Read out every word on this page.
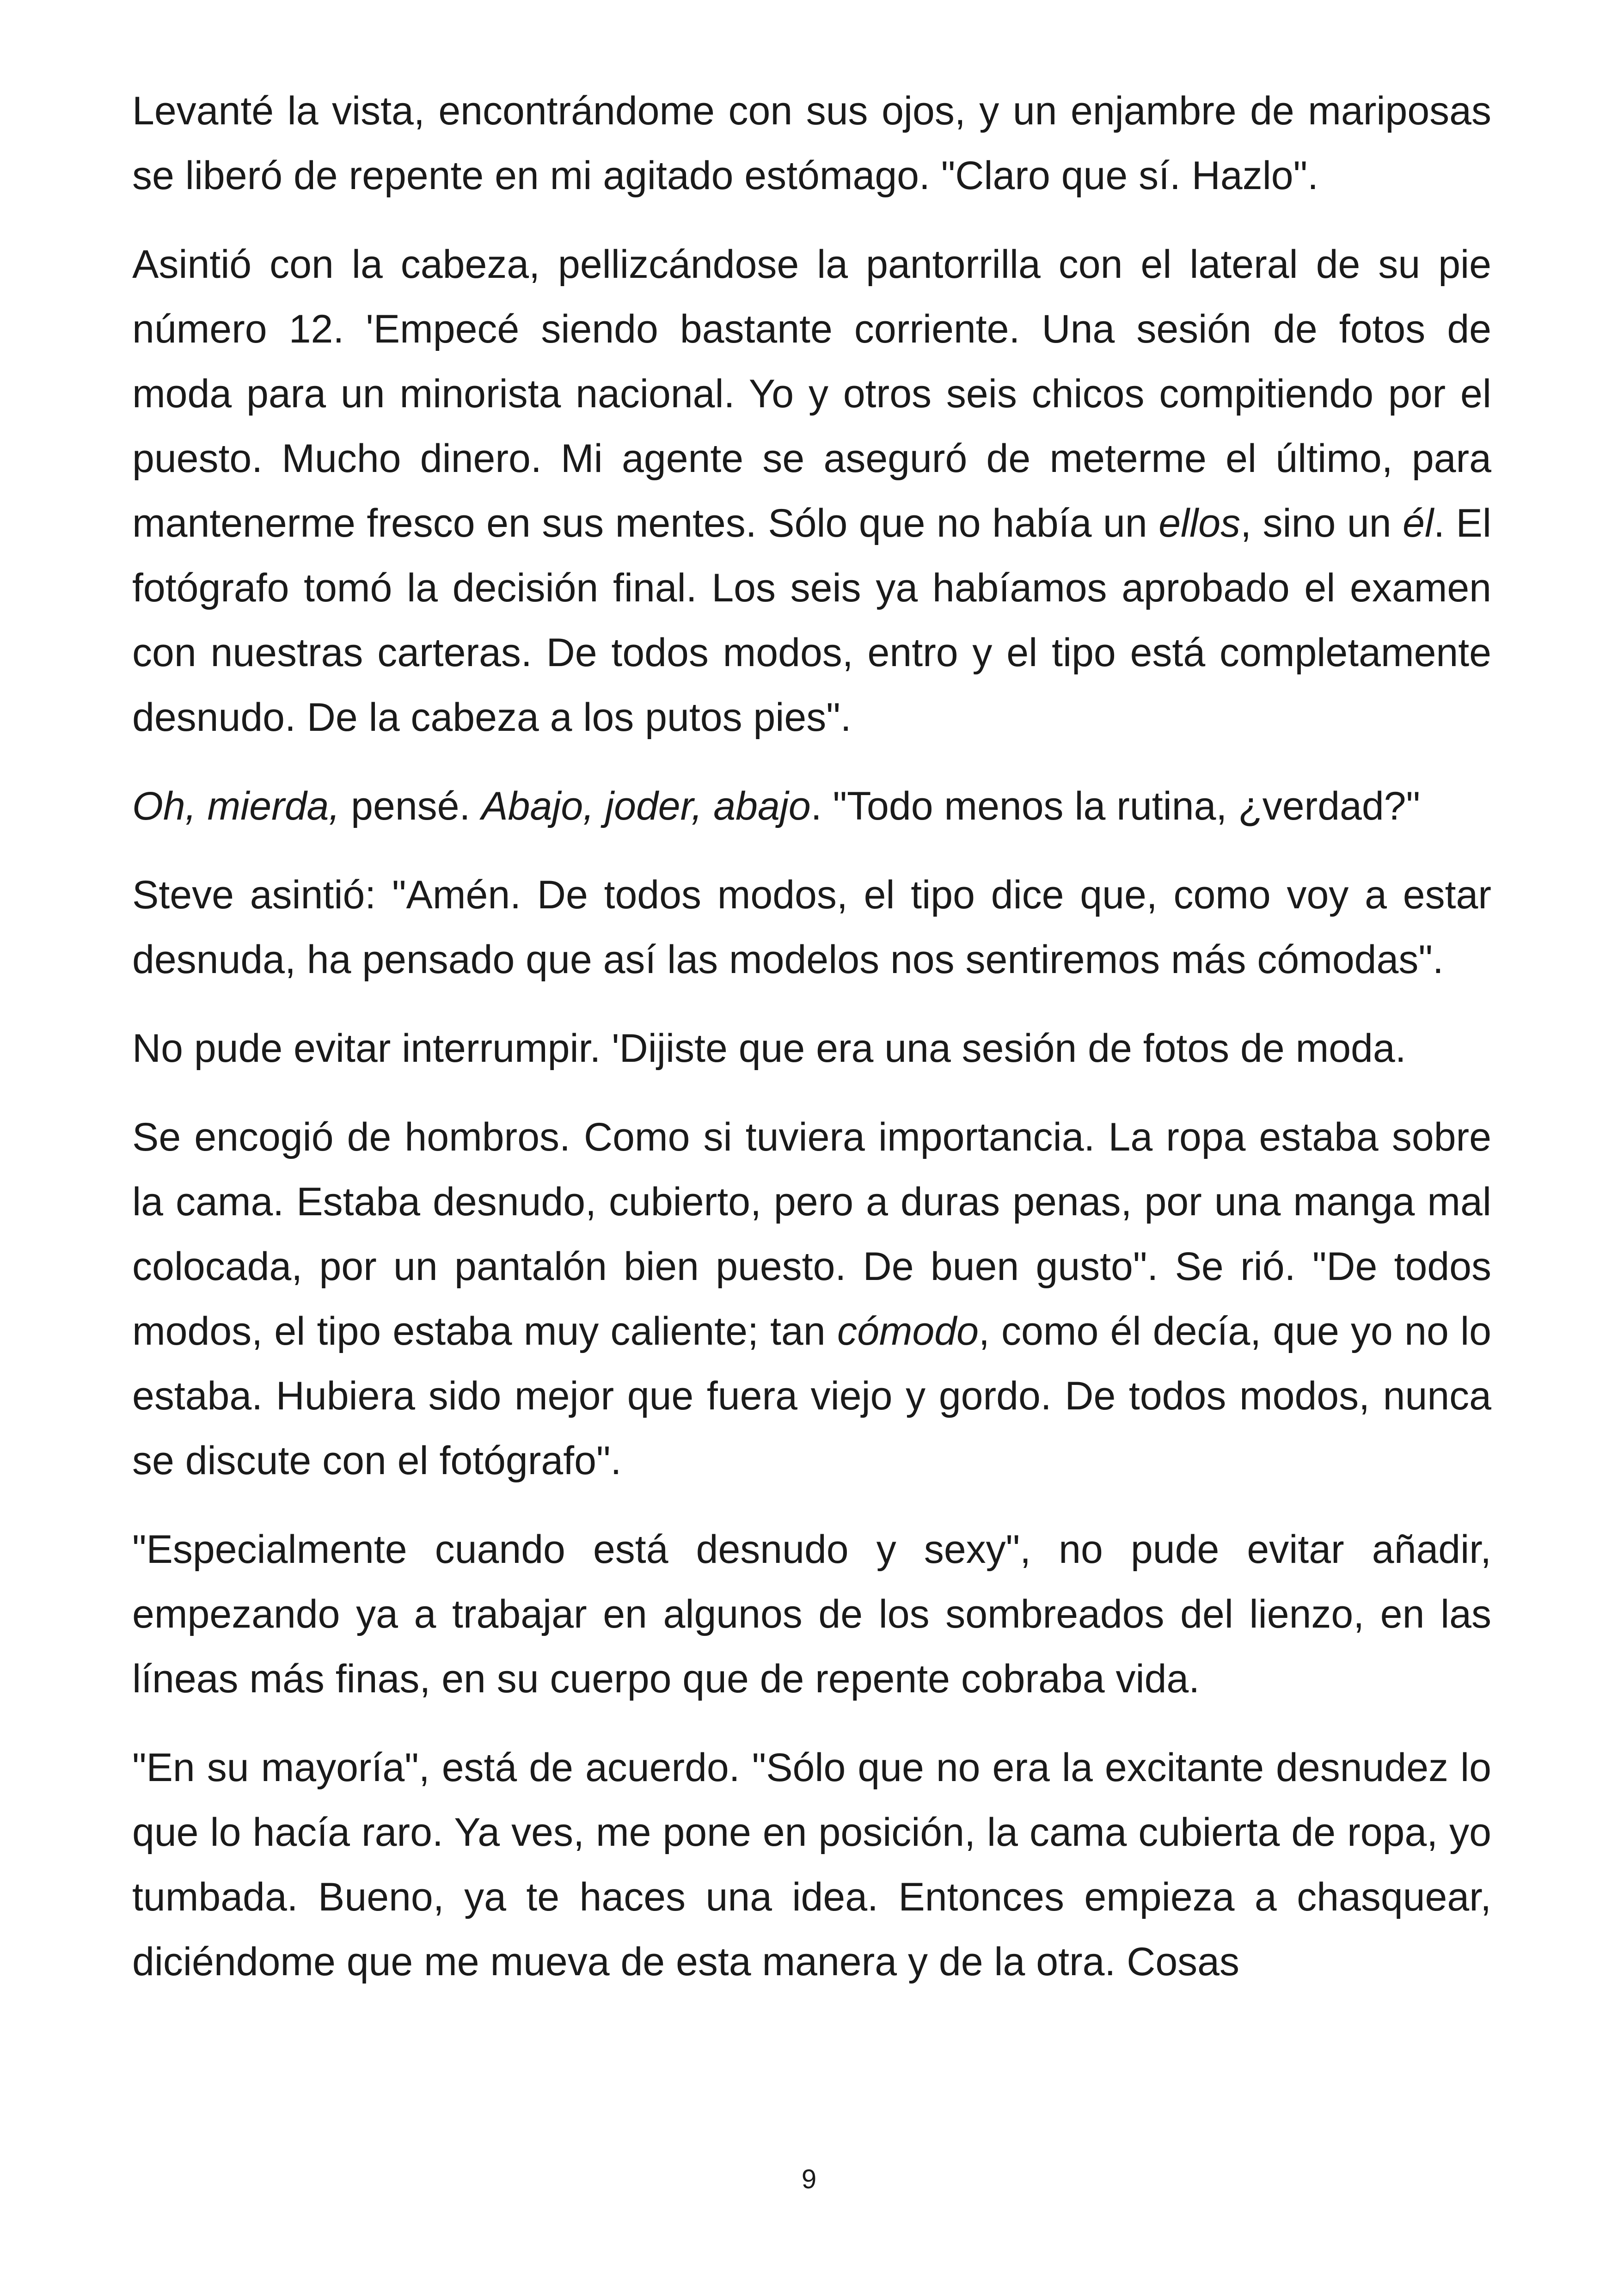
Levanté la vista, encontrándome con sus ojos, y un enjambre de mariposas se liberó de repente en mi agitado estómago. "Claro que sí. Hazlo".

Asintió con la cabeza, pellizcándose la pantorrilla con el lateral de su pie número 12. 'Empecé siendo bastante corriente. Una sesión de fotos de moda para un minorista nacional. Yo y otros seis chicos compitiendo por el puesto. Mucho dinero. Mi agente se aseguró de meterme el último, para mantenerme fresco en sus mentes. Sólo que no había un ellos, sino un él. El fotógrafo tomó la decisión final. Los seis ya habíamos aprobado el examen con nuestras carteras. De todos modos, entro y el tipo está completamente desnudo. De la cabeza a los putos pies".

Oh, mierda, pensé. Abajo, joder, abajo. "Todo menos la rutina, ¿verdad?"

Steve asintió: "Amén. De todos modos, el tipo dice que, como voy a estar desnuda, ha pensado que así las modelos nos sentiremos más cómodas".

No pude evitar interrumpir. 'Dijiste que era una sesión de fotos de moda.

Se encogió de hombros. Como si tuviera importancia. La ropa estaba sobre la cama. Estaba desnudo, cubierto, pero a duras penas, por una manga mal colocada, por un pantalón bien puesto. De buen gusto". Se rió. "De todos modos, el tipo estaba muy caliente; tan cómodo, como él decía, que yo no lo estaba. Hubiera sido mejor que fuera viejo y gordo. De todos modos, nunca se discute con el fotógrafo".

"Especialmente cuando está desnudo y sexy", no pude evitar añadir, empezando ya a trabajar en algunos de los sombreados del lienzo, en las líneas más finas, en su cuerpo que de repente cobraba vida.

"En su mayoría", está de acuerdo. "Sólo que no era la excitante desnudez lo que lo hacía raro. Ya ves, me pone en posición, la cama cubierta de ropa, yo tumbada. Bueno, ya te haces una idea. Entonces empieza a chasquear, diciéndome que me mueva de esta manera y de la otra. Cosas

9
